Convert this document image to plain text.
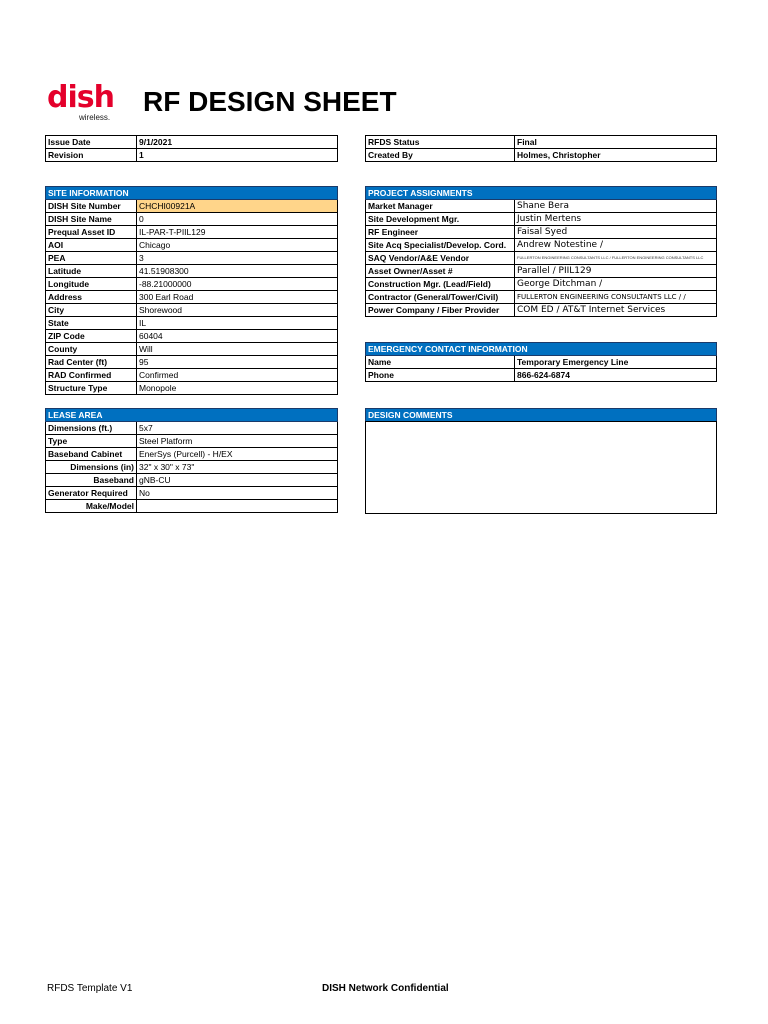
dish
wireless.
RF DESIGN SHEET
Issue Date	9/1/2021
Revision	1
RFDS Status	Final
Created By	Holmes, Christopher
SITE INFORMATION	
DISH Site Number	CHCHI00921A
DISH Site Name	0
Prequal Asset ID	IL-PAR-T-PIIL129
AOI	Chicago
PEA	3
Latitude	41.51908300
Longitude	-88.21000000
Address	300 Earl Road
City	Shorewood
State	IL
ZIP Code	60404
County	Will
Rad Center (ft)	95
RAD Confirmed	Confirmed
Structure Type	Monopole
PROJECT ASSIGNMENTS	
Market Manager	Shane Bera
Site Development Mgr.	Justin Mertens
RF Engineer	Faisal Syed
Site Acq Specialist/Develop. Cord.	Andrew Notestine /
SAQ Vendor/A&E Vendor	FULLERTON ENGINEERING CONSULTANTS LLC / FULLERTON ENGINEERING CONSULTANTS LLC
Asset Owner/Asset #	Parallel / PIIL129
Construction Mgr. (Lead/Field)	George Ditchman /
Contractor (General/Tower/Civil)	FULLERTON ENGINEERING CONSULTANTS LLC / /
Power Company / Fiber Provider	COM ED / AT&T Internet Services
EMERGENCY CONTACT INFORMATION	
Name	Temporary Emergency Line
Phone	866-624-6874
LEASE AREA	
Dimensions (ft.)	5x7
Type	Steel Platform
Baseband Cabinet	EnerSys (Purcell) - H/EX
Dimensions (in)	32" x 30" x 73"
Baseband	gNB-CU
Generator Required	No
Make/Model	
DESIGN COMMENTS
RFDS Template V1	DISH Network Confidential
